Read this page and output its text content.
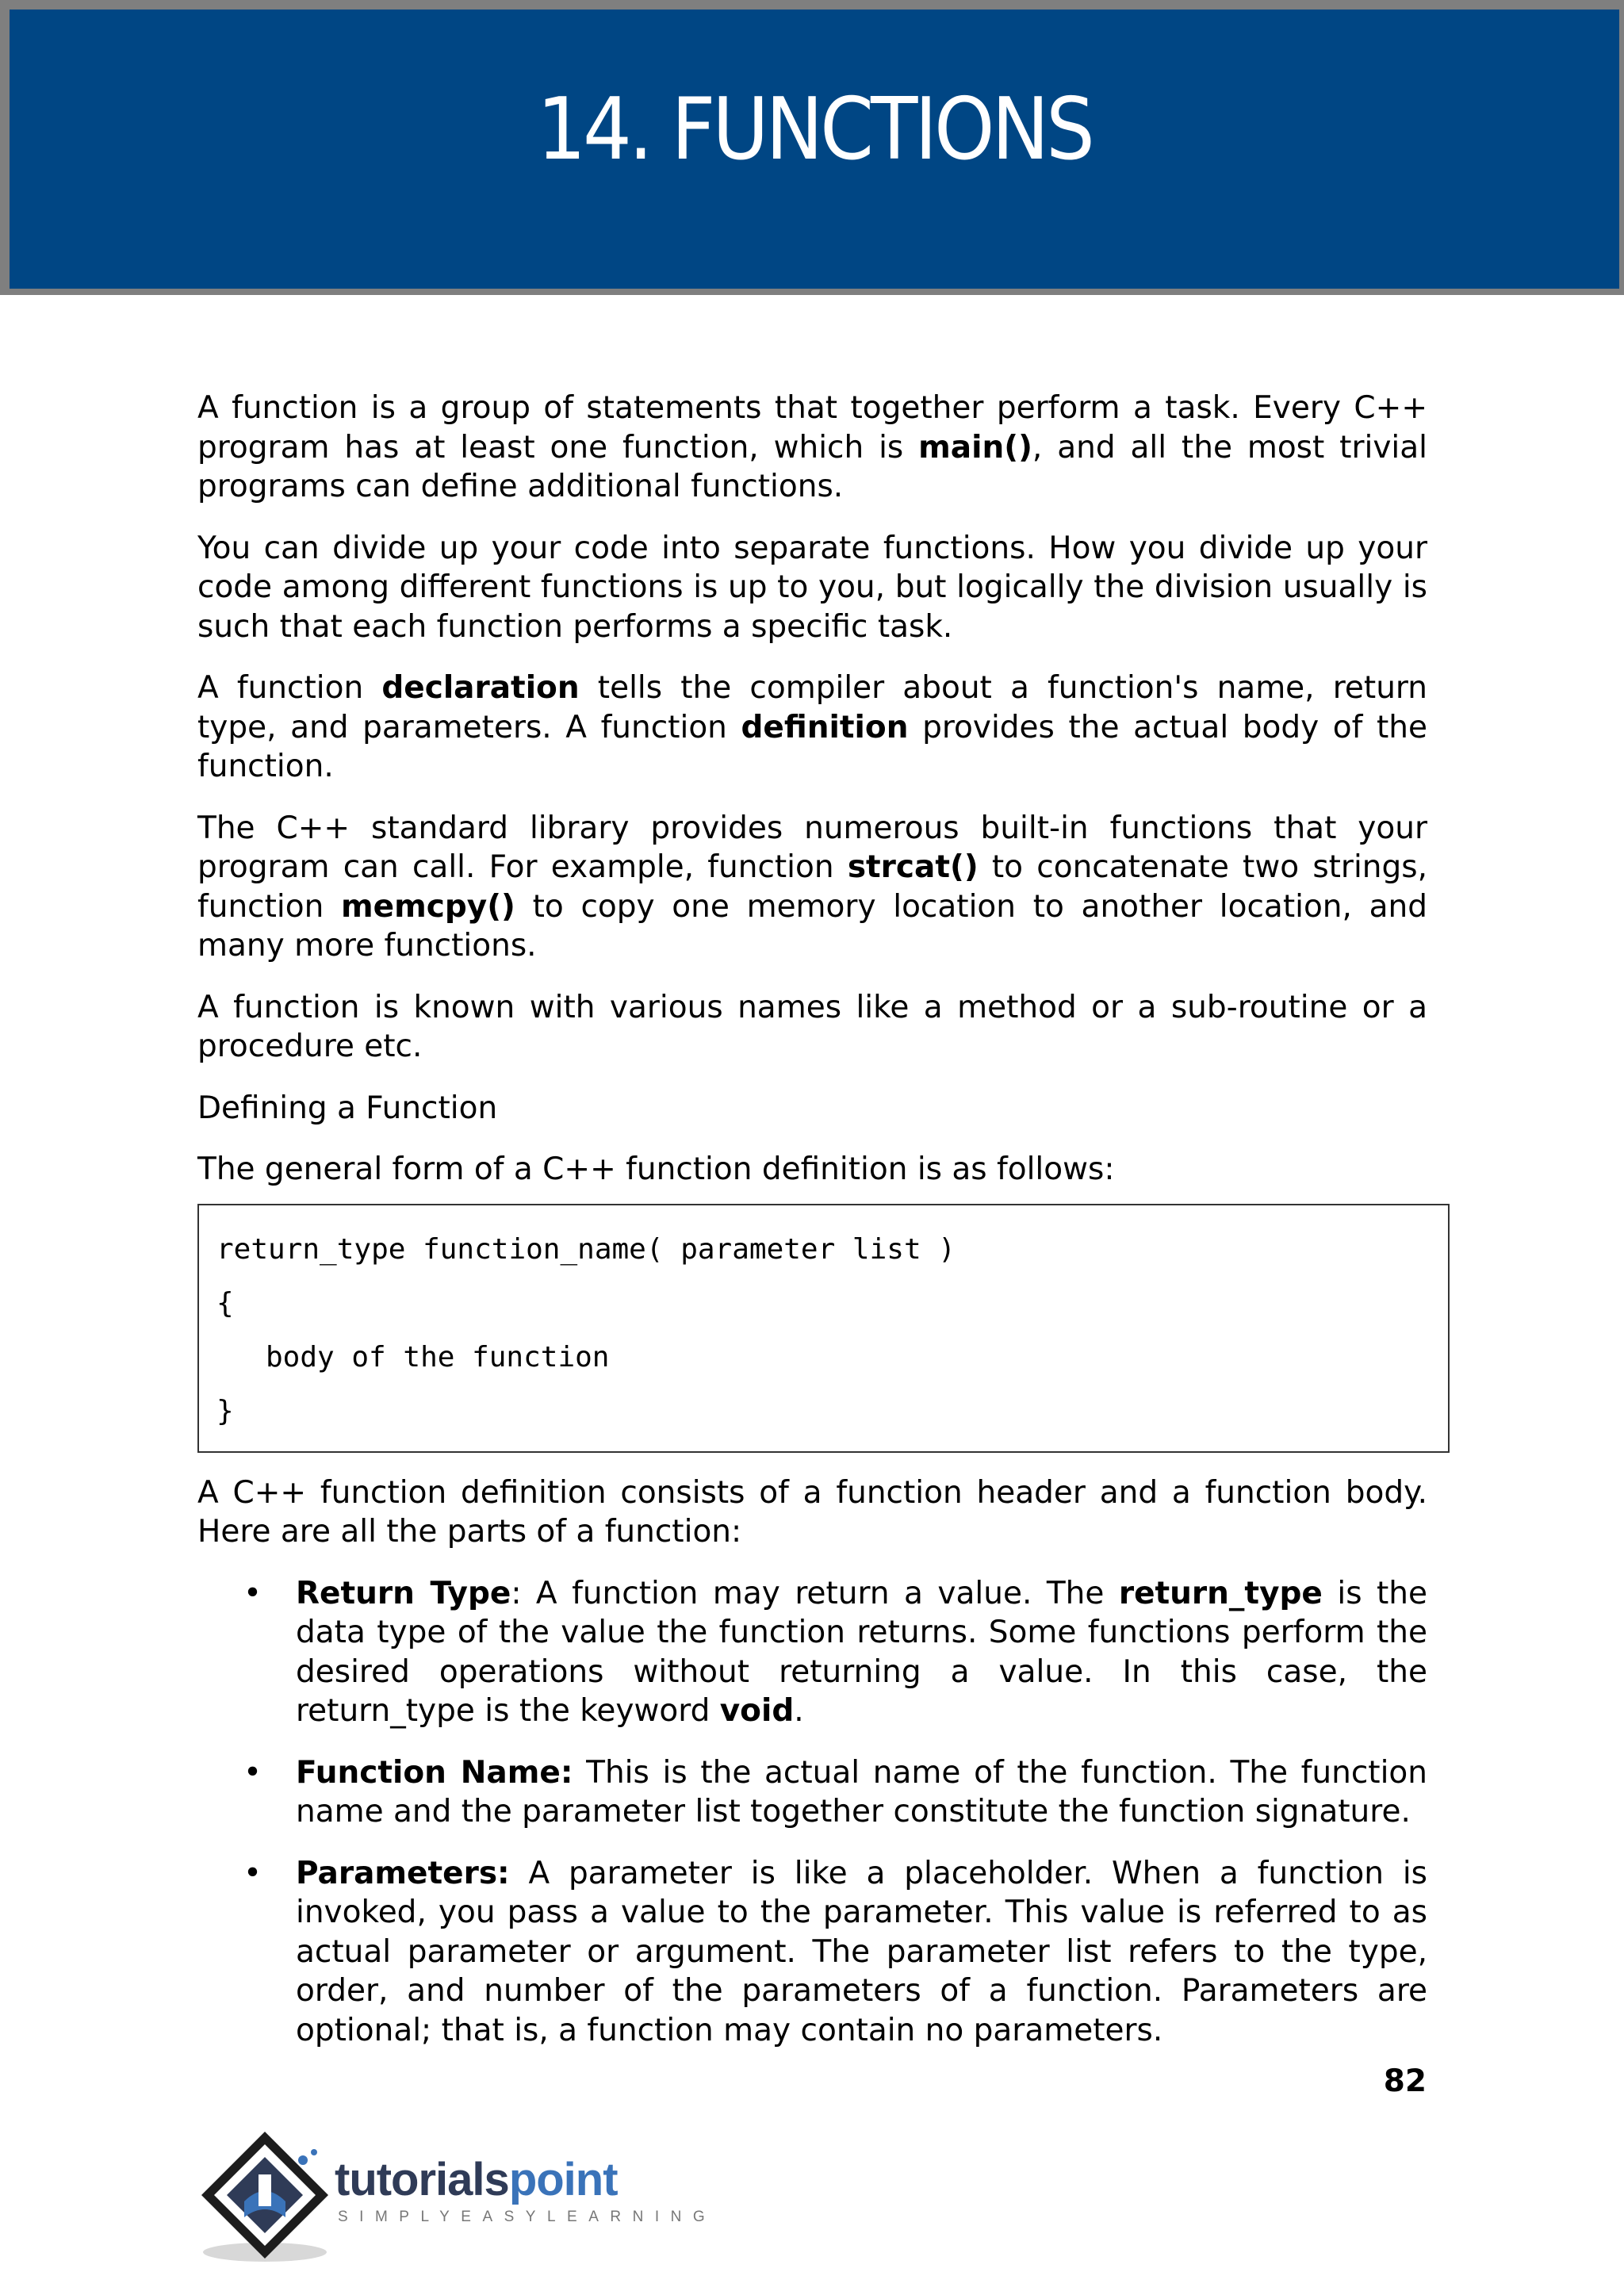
14. FUNCTIONS

A function is a group of statements that together perform a task. Every C++ program has at least one function, which is main(), and all the most trivial programs can define additional functions.

You can divide up your code into separate functions. How you divide up your code among different functions is up to you, but logically the division usually is such that each function performs a specific task.

A function declaration tells the compiler about a function's name, return type, and parameters. A function definition provides the actual body of the function.

The C++ standard library provides numerous built-in functions that your program can call. For example, function strcat() to concatenate two strings, function memcpy() to copy one memory location to another location, and many more functions.

A function is known with various names like a method or a sub-routine or a procedure etc.

Defining a Function

The general form of a C++ function definition is as follows:

return_type function_name( parameter list )
{
body of the function
}

A C++ function definition consists of a function header and a function body. Here are all the parts of a function:

• Return Type: A function may return a value. The return_type is the data type of the value the function returns. Some functions perform the desired operations without returning a value. In this case, the return_type is the keyword void.
• Function Name: This is the actual name of the function. The function name and the parameter list together constitute the function signature.
• Parameters: A parameter is like a placeholder. When a function is invoked, you pass a value to the parameter. This value is referred to as actual parameter or argument. The parameter list refers to the type, order, and number of the parameters of a function. Parameters are optional; that is, a function may contain no parameters.
82
tutorialspoint
SIMPLYEASYLEARNING
